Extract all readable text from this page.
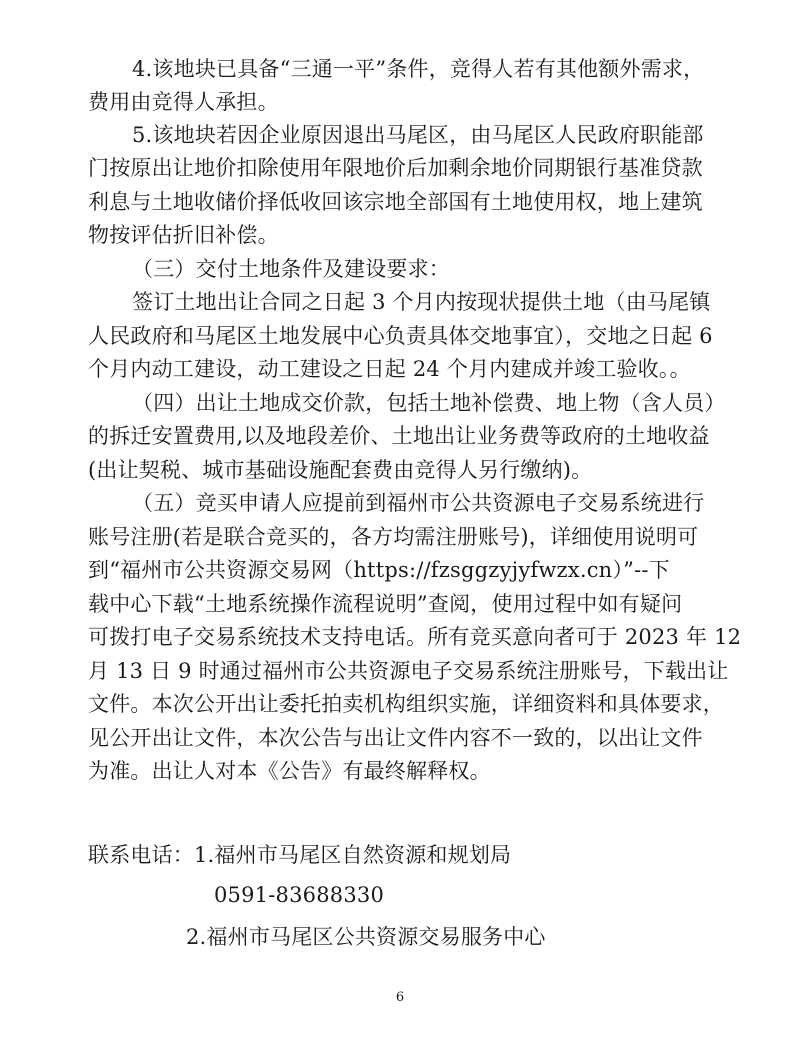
4.该地块已具备“三通一平”条件，竞得人若有其他额外需求，
费用由竞得人承担。
5.该地块若因企业原因退出马尾区，由马尾区人民政府职能部
门按原出让地价扣除使用年限地价后加剩余地价同期银行基准贷款
利息与土地收储价择低收回该宗地全部国有土地使用权，地上建筑
物按评估折旧补偿。
（三）交付土地条件及建设要求：
签订土地出让合同之日起 3 个月内按现状提供土地（由马尾镇
人民政府和马尾区土地发展中心负责具体交地事宜），交地之日起 6
个月内动工建设，动工建设之日起 24 个月内建成并竣工验收。。
（四）出让土地成交价款，包括土地补偿费、地上物（含人员）
的拆迁安置费用,以及地段差价、土地出让业务费等政府的土地收益
(出让契税、城市基础设施配套费由竞得人另行缴纳)。
（五）竞买申请人应提前到福州市公共资源电子交易系统进行
账号注册(若是联合竞买的，各方均需注册账号)，详细使用说明可
到“福州市公共资源交易网（https://fzsggzyjyfwzx.cn）”--下
载中心下载“土地系统操作流程说明”查阅，使用过程中如有疑问
可拨打电子交易系统技术支持电话。所有竞买意向者可于 2023 年 12
月 13 日 9 时通过福州市公共资源电子交易系统注册账号，下载出让
文件。本次公开出让委托拍卖机构组织实施，详细资料和具体要求，
见公开出让文件，本次公告与出让文件内容不一致的，以出让文件
为准。出让人对本《公告》有最终解释权。
联系电话：1.福州市马尾区自然资源和规划局
0591-83688330
2.福州市马尾区公共资源交易服务中心
6
